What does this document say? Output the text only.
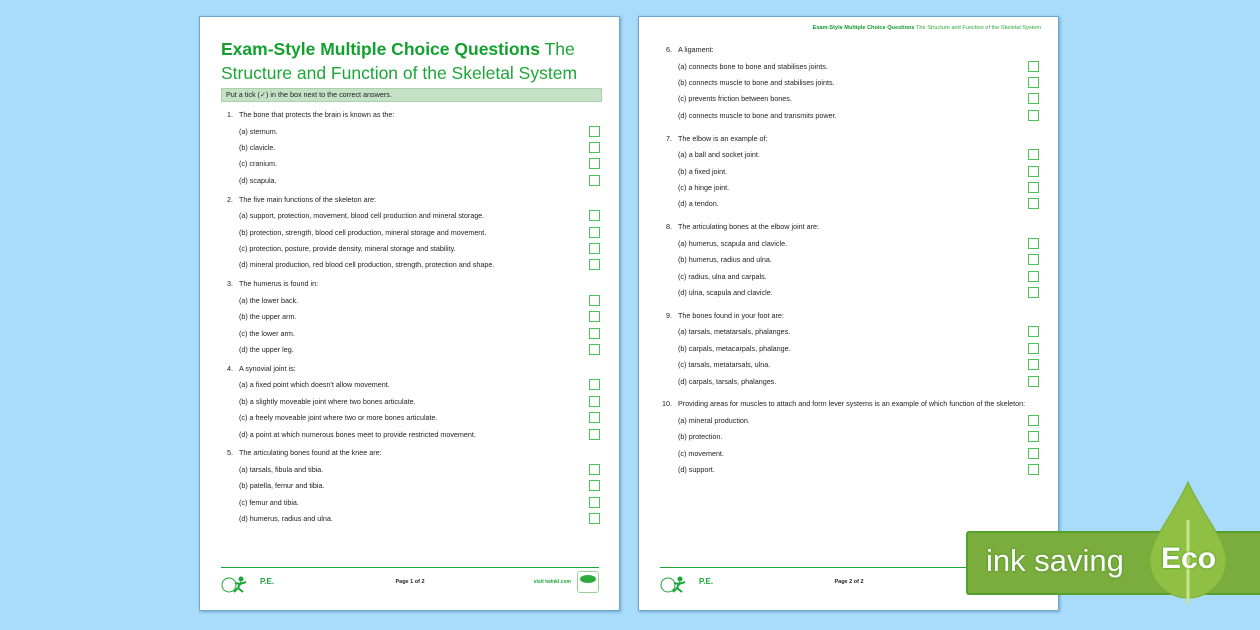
Exam-Style Multiple Choice Questions The Structure and Function of the Skeletal System
Put a tick (✓) in the box next to the correct answers.
1. The bone that protects the brain is known as the:
(a) sternum.
(b) clavicle.
(c) cranium.
(d) scapula.
2. The five main functions of the skeleton are:
(a) support, protection, movement, blood cell production and mineral storage.
(b) protection, strength, blood cell production, mineral storage and movement.
(c) protection, posture, provide density, mineral storage and stability.
(d) mineral production, red blood cell production, strength, protection and shape.
3. The humerus is found in:
(a) the lower back.
(b) the upper arm.
(c) the lower arm.
(d) the upper leg.
4. A synovial joint is:
(a) a fixed point which doesn't allow movement.
(b) a slightly moveable joint where two bones articulate.
(c) a freely moveable joint where two or more bones articulate.
(d) a point at which numerous bones meet to provide restricted movement.
5. The articulating bones found at the knee are:
(a) tarsals, fibula and tibia.
(b) patella, femur and tibia.
(c) femur and tibia.
(d) humerus, radius and ulna.
P.E.	Page 1 of 2	visit twinkl.com
Exam-Style Multiple Choice Questions The Structure and Function of the Skeletal System
6. A ligament:
(a) connects bone to bone and stabilises joints.
(b) connects muscle to bone and stabilises joints.
(c) prevents friction between bones.
(d) connects muscle to bone and transmits power.
7. The elbow is an example of:
(a) a ball and socket joint.
(b) a fixed joint.
(c) a hinge joint.
(d) a tendon.
8. The articulating bones at the elbow joint are:
(a) humerus, scapula and clavicle.
(b) humerus, radius and ulna.
(c) radius, ulna and carpals.
(d) ulna, scapula and clavicle.
9. The bones found in your foot are:
(a) tarsals, metatarsals, phalanges.
(b) carpals, metacarpals, phalange.
(c) tarsals, metatarsals, ulna.
(d) carpals, tarsals, phalanges.
10. Providing areas for muscles to attach and form lever systems is an example of which function of the skeleton:
(a) mineral production.
(b) protection.
(c) movement.
(d) support.
P.E.	Page 2 of 2
ink saving Eco
